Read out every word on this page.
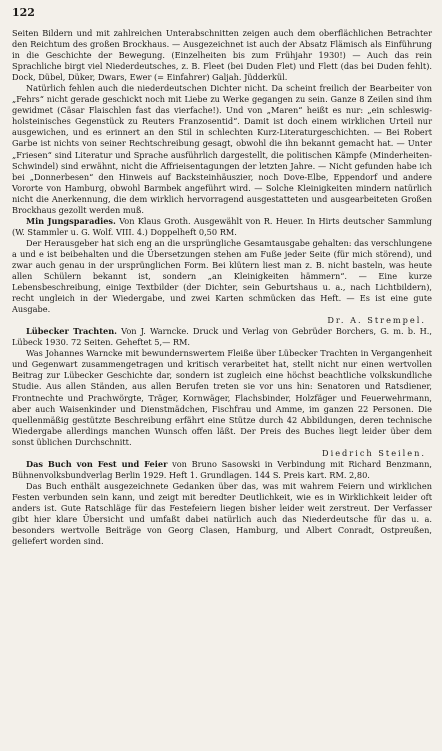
122

Seiten Bildern und mit zahlreichen Unterabschnitten zeigen auch dem oberflächlichen Betrachter den Reichtum des großen Brockhaus. — Ausgezeichnet ist auch der Absatz Flämisch als Einführung in die Geschichte der Bewegung. (Einzelheiten bis zum Frühjahr 1930!) — Auch das rein Sprachliche birgt viel Niederdeutsches, z. B. Fleet (bei Duden Flet) und Flett (das bei Duden fehlt). Dock, Dübel, Düker, Dwars, Ewer (= Einfahrer) Galjah. Jüdderkül.

Natürlich fehlen auch die niederdeutschen Dichter nicht. Da scheint freilich der Bearbeiter von „Fehrs“ nicht gerade geschickt noch mit Liebe zu Werke gegangen zu sein. Ganze 8 Zeilen sind ihm gewidmet (Cäsar Flaischlen fast das vierfache!). Und von „Maren“ heißt es nur: „ein schleswig-holsteinisches Gegenstück zu Reuters Franzosentid“. Damit ist doch einem wirklichen Urteil nur ausgewichen, und es erinnert an den Stil in schlechten Kurz-Literaturgeschichten. — Bei Robert Garbe ist nichts von seiner Rechtschreibung gesagt, obwohl die ihn bekannt gemacht hat. — Unter „Friesen“ sind Literatur und Sprache ausführlich dargestellt, die politischen Kämpfe (Minderheiten-Schwindel) sind erwähnt, nicht die Affrieisentagungen der letzten Jahre. — Nicht gefunden habe ich bei „Donnerbesen“ den Hinweis auf Backsteinhäuszier, noch Dove-Elbe, Eppendorf und andere Vororte von Hamburg, obwohl Barmbek angeführt wird. — Solche Kleinigkeiten mindern natürlich nicht die Anerkennung, die dem wirklich hervorragend ausgestatteten und ausgearbeiteten Großen Brockhaus gezollt werden muß.

Min Jungsparadies. Von Klaus Groth. Ausgewählt von R. Heuer. In Hirts deutscher Sammlung (W. Stammler u. G. Wolf. VIII. 4.) Doppelheft 0,50 RM.

Der Herausgeber hat sich eng an die ursprüngliche Gesamtausgabe gehalten: das verschlungene a und e ist beibehalten und die Übersetzungen stehen am Fuße jeder Seite (für mich störend), und zwar auch genau in der ursprünglichen Form. Bei klütern liest man z. B. nicht basteln, was heute allen Schülern bekannt ist, sondern „an Kleinigkeiten hämmern“. — Eine kurze Lebensbeschreibung, einige Textbilder (der Dichter, sein Geburtshaus u. a., nach Lichtbildern), recht ungleich in der Wiedergabe, und zwei Karten schmücken das Heft. — Es ist eine gute Ausgabe.

Dr. A. Strempel.

Lübecker Trachten. Von J. Warncke. Druck und Verlag von Gebrüder Borchers, G. m. b. H., Lübeck 1930. 72 Seiten. Geheftet 5,— RM.

Was Johannes Warncke mit bewundernswertem Fleiße über Lübecker Trachten in Vergangenheit und Gegenwart zusammengetragen und kritisch verarbeitet hat, stellt nicht nur einen wertvollen Beitrag zur Lübecker Geschichte dar, sondern ist zugleich eine höchst beachtliche volkskundliche Studie. Aus allen Ständen, aus allen Berufen treten sie vor uns hin: Senatoren und Ratsdiener, Frontnechte und Prachwörgte, Träger, Kornwäger, Flachsbinder, Holzfäger und Feuerwehrmann, aber auch Waisenkinder und Dienstmädchen, Fischfrau und Amme, im ganzen 22 Personen. Die quellenmäßig gestützte Beschreibung erfährt eine Stütze durch 42 Abbildungen, deren technische Wiedergabe allerdings manchen Wunsch offen läßt. Der Preis des Buches liegt leider über dem sonst üblichen Durchschnitt.

Diedrich Steilen.

Das Buch von Fest und Feier von Bruno Sasowski in Verbindung mit Richard Benzmann, Bühnenvolksbundverlag Berlin 1929. Heft 1. Grundlagen. 144 S. Preis kart. RM. 2,80.

Das Buch enthält ausgezeichnete Gedanken über das, was mit wahrem Feiern und wirklichen Festen verbunden sein kann, und zeigt mit beredter Deutlichkeit, wie es in Wirklichkeit leider oft anders ist. Gute Ratschläge für das Festefeiern liegen bisher leider weit zerstreut. Der Verfasser gibt hier klare Übersicht und umfaßt dabei natürlich auch das Niederdeutsche für das u. a. besonders wertvolle Beiträge von Georg Clasen, Hamburg, und Albert Conradt, Ostpreußen, geliefert worden sind.
